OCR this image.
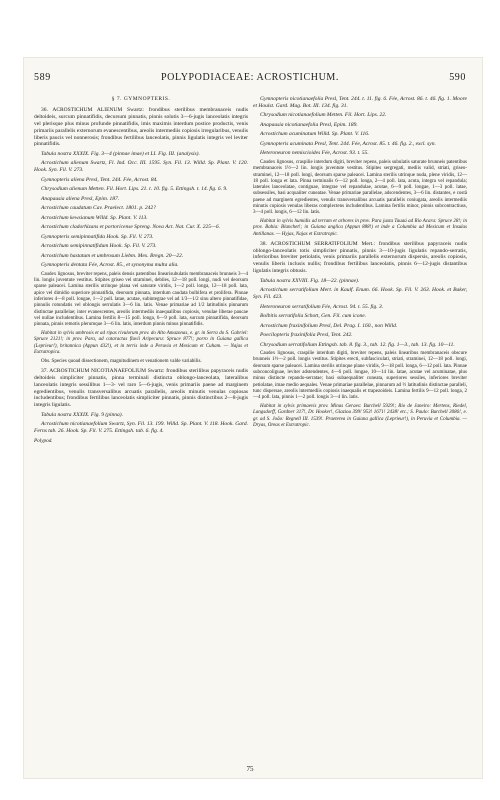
589	POLYPODIACEAE: ACROSTICHUM.	590

§ 7. GYMNOPTERIS.

36. ACROSTICHUM ALIENUM Swartz: frondibus sterilibus membranaceis nudis deltoideis, surcum pinnatifidis, decursum pinnatis, pinnis solutis 3—6-jugis lanceolatis integris vel plerisque plus minus profunde pinnatifidis, imis maximis interdum postice productis, venis primariis parallelis externorum evanescentibus, areolis intermediis copiosis irregularibus, venulis liberis paucis vel nonnerosis; frondibus fertilibus lanceolatis, pinnis ligulatis integris vel leviter pinnatifidis.

Tabula nostra XXXIX. Fig. 3—4 (pinnae imae) et LI. Fig. III. (analysis).

Acrostichum alienum Swartz, Fl. Ind. Occ. III. 1595. Syn. Fil. 13. Willd. Sp. Plant. V. 120. Hook. Syn. Fil. V. 273.

Gymnopteris aliena Presl, Tent. 244. Fée, Acrost. 84.

Chrysodium alienum Metten. Fil. Hort. Lips. 21. t. 10. fig. 5. Ettingsh. t. 14. fig. 6. 9.

Anapausia aliena Presl, Epim. 187.

Acrostichum caudatum Cav. Praelect. 1801. p. 242?

Acrostichum kewsianum Willd. Sp. Plant. V. 113.

Acrostichum cladorhizans et portoricense Spreng. Nova Act. Nat. Cur. X. 225—6.

Gymnopteris semipinnatifida Hook. Sp. Fil. V. 273.

Acrostichum semipinnatifidum Hook. Sp. Fil. V. 273.

Acrostichum hastatum et umbrosum Liebm. Mex. Bregn. 20—22.

Gymnopteris dentata Fée, Acrost. 85., et synonyma multa alia.

Caudex lignosus, breviter repens, paleis densis patentibus linearisubulatis membranaceis brunneis 3—4 lin. longis juventute vestitus. Stipites griseo vel straminei, debiles, 12—18 poll. longi, nudi vel deorsum sparse paleacei. Lamina sterilis utrinque plana vel saturate viridis, 1—2 poll. longa, 12—18 poll. lata, apice vel dimidio superiore pinnatifida, deorsum pinnata, interdum caudata bulbifera et prolifera. Pinnae inferiores 4—8 poll. longae, 1—2 poll. latae, acutae, subintegrae vel ad 1/3—1/2 sinu altero pinnatifidae, pinnulis rotundatis vel oblongis serrulatis 3—6 lin. latis. Venae primariae ad 1/2 latitudinis pinnarum distinctae parallelae; inter evanescentes, areolis intermediis inaequalibus copiosis, venulae liberae paucae vel nullae includentibus. Lamina fertilis 8—15 poll. longa, 6—9 poll. lata, surcum pinnatifida, deorsum pinnata, pinnis remotis plerumque 3—6 lin. latis, interdum pinnis minus pinnatifidis.

Habitat in sylvis umbrosis et ad ripas rivulorum prov. do Alto Amazonas, e. gr. in Serra do S. Gabriel: Spruce 2121!; in prov. Para, ad cataractas fluvii Aripecuru: Spruce 877!; porro in Guiana gallica (Leprieur!), britannica (Appun 432!), et in terris inde a Peruvia et Mexicum et Cuham. — Najas et Extratropica.

Obs. Species quoad dissectionem, magnitudinem et venationem valde variabilis.

37. ACROSTICHUM NICOTIANAEFOLIUM Swartz: frondibus sterilibus papyraceis nudis deltoideis simpliciter pinnatis, pinna terminali distincta oblongo-lanceolata, lateralibus lanceolatis integris sessilibus 1—3- vel raro 5—6-jugis, venis primariis paene ad marginem egredientibus, venulis transversalibus arcuatis parallelis, areolis minutis venulas copiosas includentibus; frondibus fertilibus lanceolatis simpliciter pinnatis, pinnis distinctibus 2—8-jugis integris ligulatis.

Tabula nostra XXXIX. Fig. 9 (pinna).

Acrostichum nicotianaefolium Swartz, Syn. Fil. 13. 199. Willd. Sp. Plant. V. 118. Hook. Gard. Ferns tab. 26. Hook. Sp. Fil. V. 275. Ettingsh. tab. 6. fig. 4.

Polypod.

Gymnopteris nicotianaefolia Presl, Tent. 244. t. 11. fig. 6. Fée, Acrost. 86. t. 46. fig. 1. Moore et Houlst. Gard. Mag. Bot. III. 134. fig. 31.

Chrysodium nicotianaefolium Metten. Fil. Hort. Lips. 22.

Anapausia nicotianaefolia Presl, Epim. 189.

Acrostichum acuminatum Willd. Sp. Plant. V. 116.

Gymnopteris acuminata Presl, Tent. 244. Fée, Acrost. 85. t. 46. fig. 2., excl. syn.

Heteroneuron nemiscioides Fée, Acrost. 93. t. 55.

Caudex lignosus, craspilie interdum digiti, breviter repens, paleis subulatis saturate brunneis patentibus membranaceis 1½—2 lin. longis juventute vestitus. Stipites sergregati, mediis valid, striati, griseo-straminei, 12—18 poll. longi, deorsum sparse paleacei. Lamina sterilis utrinque nuda, plene viridis, 12—18 poll. longa et lata. Pinna terminalis 6—12 poll. longa, 2—4 poll. lata, acuta, integra vel repandula; laterales lanceolatae, contiguae, integrae vel repandulae, acutae, 6—9 poll. longae, 1—3 poll. latae, subsessiles, basi acquaiiter cuneatae. Venae primariae parallelae, adscendentes, 3—6 lin. distantes, e costâ paene ad marginem egredientes, venulis transversalibus arcuatis parallelis coniugata, areolis intermediis minutis copiosis venulas liberas complectens includentibus. Lamina fertilis minor, pinnis subcontractiuss, 3—4 poll. longis, 6—12 lin. latis.

Habitat in sylvis humidis ad terram et arbores in prov. Para juxta Tauaú ad Rio Acara: Spruce 28!; in prov. Bahia: Blanchet!; in Guiana anglica (Appun 888!) et inde a Columbia ad Mexicum et Insulas Antillanas. — Hyjas, Najas et Extratropic.

38. ACROSTICHUM SERRATIFOLIUM Mert.: frondibus sterilibus papyraceis nudis oblongo-lanceolatis totis simpliciter pinnatis, pinnis 3—10-jugis ligulatis repando-serratis, inferioribus breviter petiolatis, venis primariis parallelis externorum dispersis, areolis copiosis, venulis liberis inclusis nullis; frondibus fertilibus lanceolatis, pinnis 6—12-jugis distantibus ligulatis integris obtusis.

Tabula nostra XXVIII. Fig. 18—22. (pinnae).

Acrostichum serratifolium Mert. in Kaulf. Enum. 66. Hook. Sp. Fil. V. 263. Hook. et Baker, Syn. Fil. 423.

Heteroneuron serratifolium Fée, Acrost. 94. t. 55. fig. 3.

Bolbitis serratifolia Schott, Gen. Fil. cum icone.

Acrostichum fraxinifolium Presl, Del. Prag. I. 160., non Willd.

Poecilopteris fraxinifolia Presl, Tent. 242.

Chrysodium serratifolium Ettingsh. tab. 8. fig. 3., tab. 12. fig. 1—3., tab. 13. fig. 10—11.

Caudex lignosus, craspilie interdum digiti, breviter repens, paleis linearibus membranaceis obscure brunneis 1½—2 poll. longis vestitus. Stipites erecti, subfasciculati, striati, straminei, 12—18 poll. longi, deorsum sparse paleacei. Lamina sterilis utrinque plane viridis, 9—18 poll. longa, 6—12 poll. lata. Pinnae subconcoliguae, leviter adstendentes, 4—6 poll. longae, 10—14 lin. latae, acutae vel acuminatae, plus minus distincte repando-serratae; basi subaequaliter cuneata, superiores sessiles, inferiores breviter petiolatae, imae medio aequales. Venae primariae parallelae, pinnarum ad ½ latitudinis distinctae paralleli, tunc dispersae, areolis intermediis copiosis inaequalis et trapezoideis. Lamina fertilis 9—12 poll. longa, 2—4 poll. lata, pinnis 1—2 poll. longis 3—4 lin. latis.

Habitat in sylvis primaevis prov. Minas Geraes: Burchell 5929!; Rio de Janeiro: Mertens, Riedel, Langsdorff, Gardner 317!, Dr. Hooker!, Glaziou 399! 953! 1671! 2438! etc.; S. Paulo: Burchell 3086!, e. gr. ad S. João: Regnell III. 1539!. Praeterea in Guiana gallica (Leprieur!), in Peruvia et Columbia. — Dryas, Oreas et Extratropic.

75
